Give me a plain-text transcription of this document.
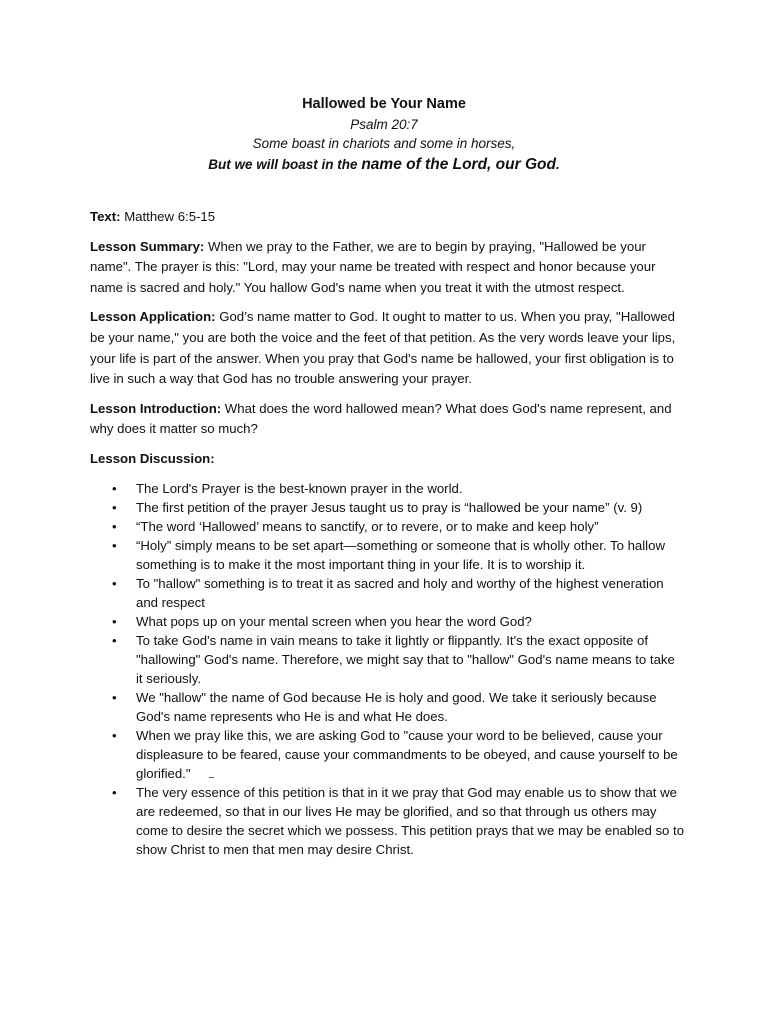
Hallowed be Your Name
Psalm 20:7
Some boast in chariots and some in horses,
But we will boast in the name of the Lord, our God.

Text: Matthew 6:5-15

Lesson Summary: When we pray to the Father, we are to begin by praying, "Hallowed be your name". The prayer is this: "Lord, may your name be treated with respect and honor because your name is sacred and holy." You hallow God's name when you treat it with the utmost respect.

Lesson Application: God’s name matter to God. It ought to matter to us. When you pray, "Hallowed be your name," you are both the voice and the feet of that petition. As the very words leave your lips, your life is part of the answer. When you pray that God's name be hallowed, your first obligation is to live in such a way that God has no trouble answering your prayer.

Lesson Introduction: What does the word hallowed mean? What does God's name represent, and why does it matter so much?

Lesson Discussion:

• The Lord's Prayer is the best-known prayer in the world.
• The first petition of the prayer Jesus taught us to pray is “hallowed be your name” (v. 9)
• “The word ‘Hallowed’ means to sanctify, or to revere, or to make and keep holy”
• “Holy” simply means to be set apart—something or someone that is wholly other. To hallow something is to make it the most important thing in your life. It is to worship it.
• To "hallow" something is to treat it as sacred and holy and worthy of the highest veneration and respect
• What pops up on your mental screen when you hear the word God?
• To take God's name in vain means to take it lightly or flippantly. It's the exact opposite of "hallowing" God's name. Therefore, we might say that to "hallow" God's name means to take it seriously.
• We "hallow" the name of God because He is holy and good. We take it seriously because God's name represents who He is and what He does.
• When we pray like this, we are asking God to "cause your word to be believed, cause your displeasure to be feared, cause your commandments to be obeyed, and cause yourself to be glorified."
• The very essence of this petition is that in it we pray that God may enable us to show that we are redeemed, so that in our lives He may be glorified, and so that through us others may come to desire the secret which we possess. This petition prays that we may be enabled so to show Christ to men that men may desire Christ.
